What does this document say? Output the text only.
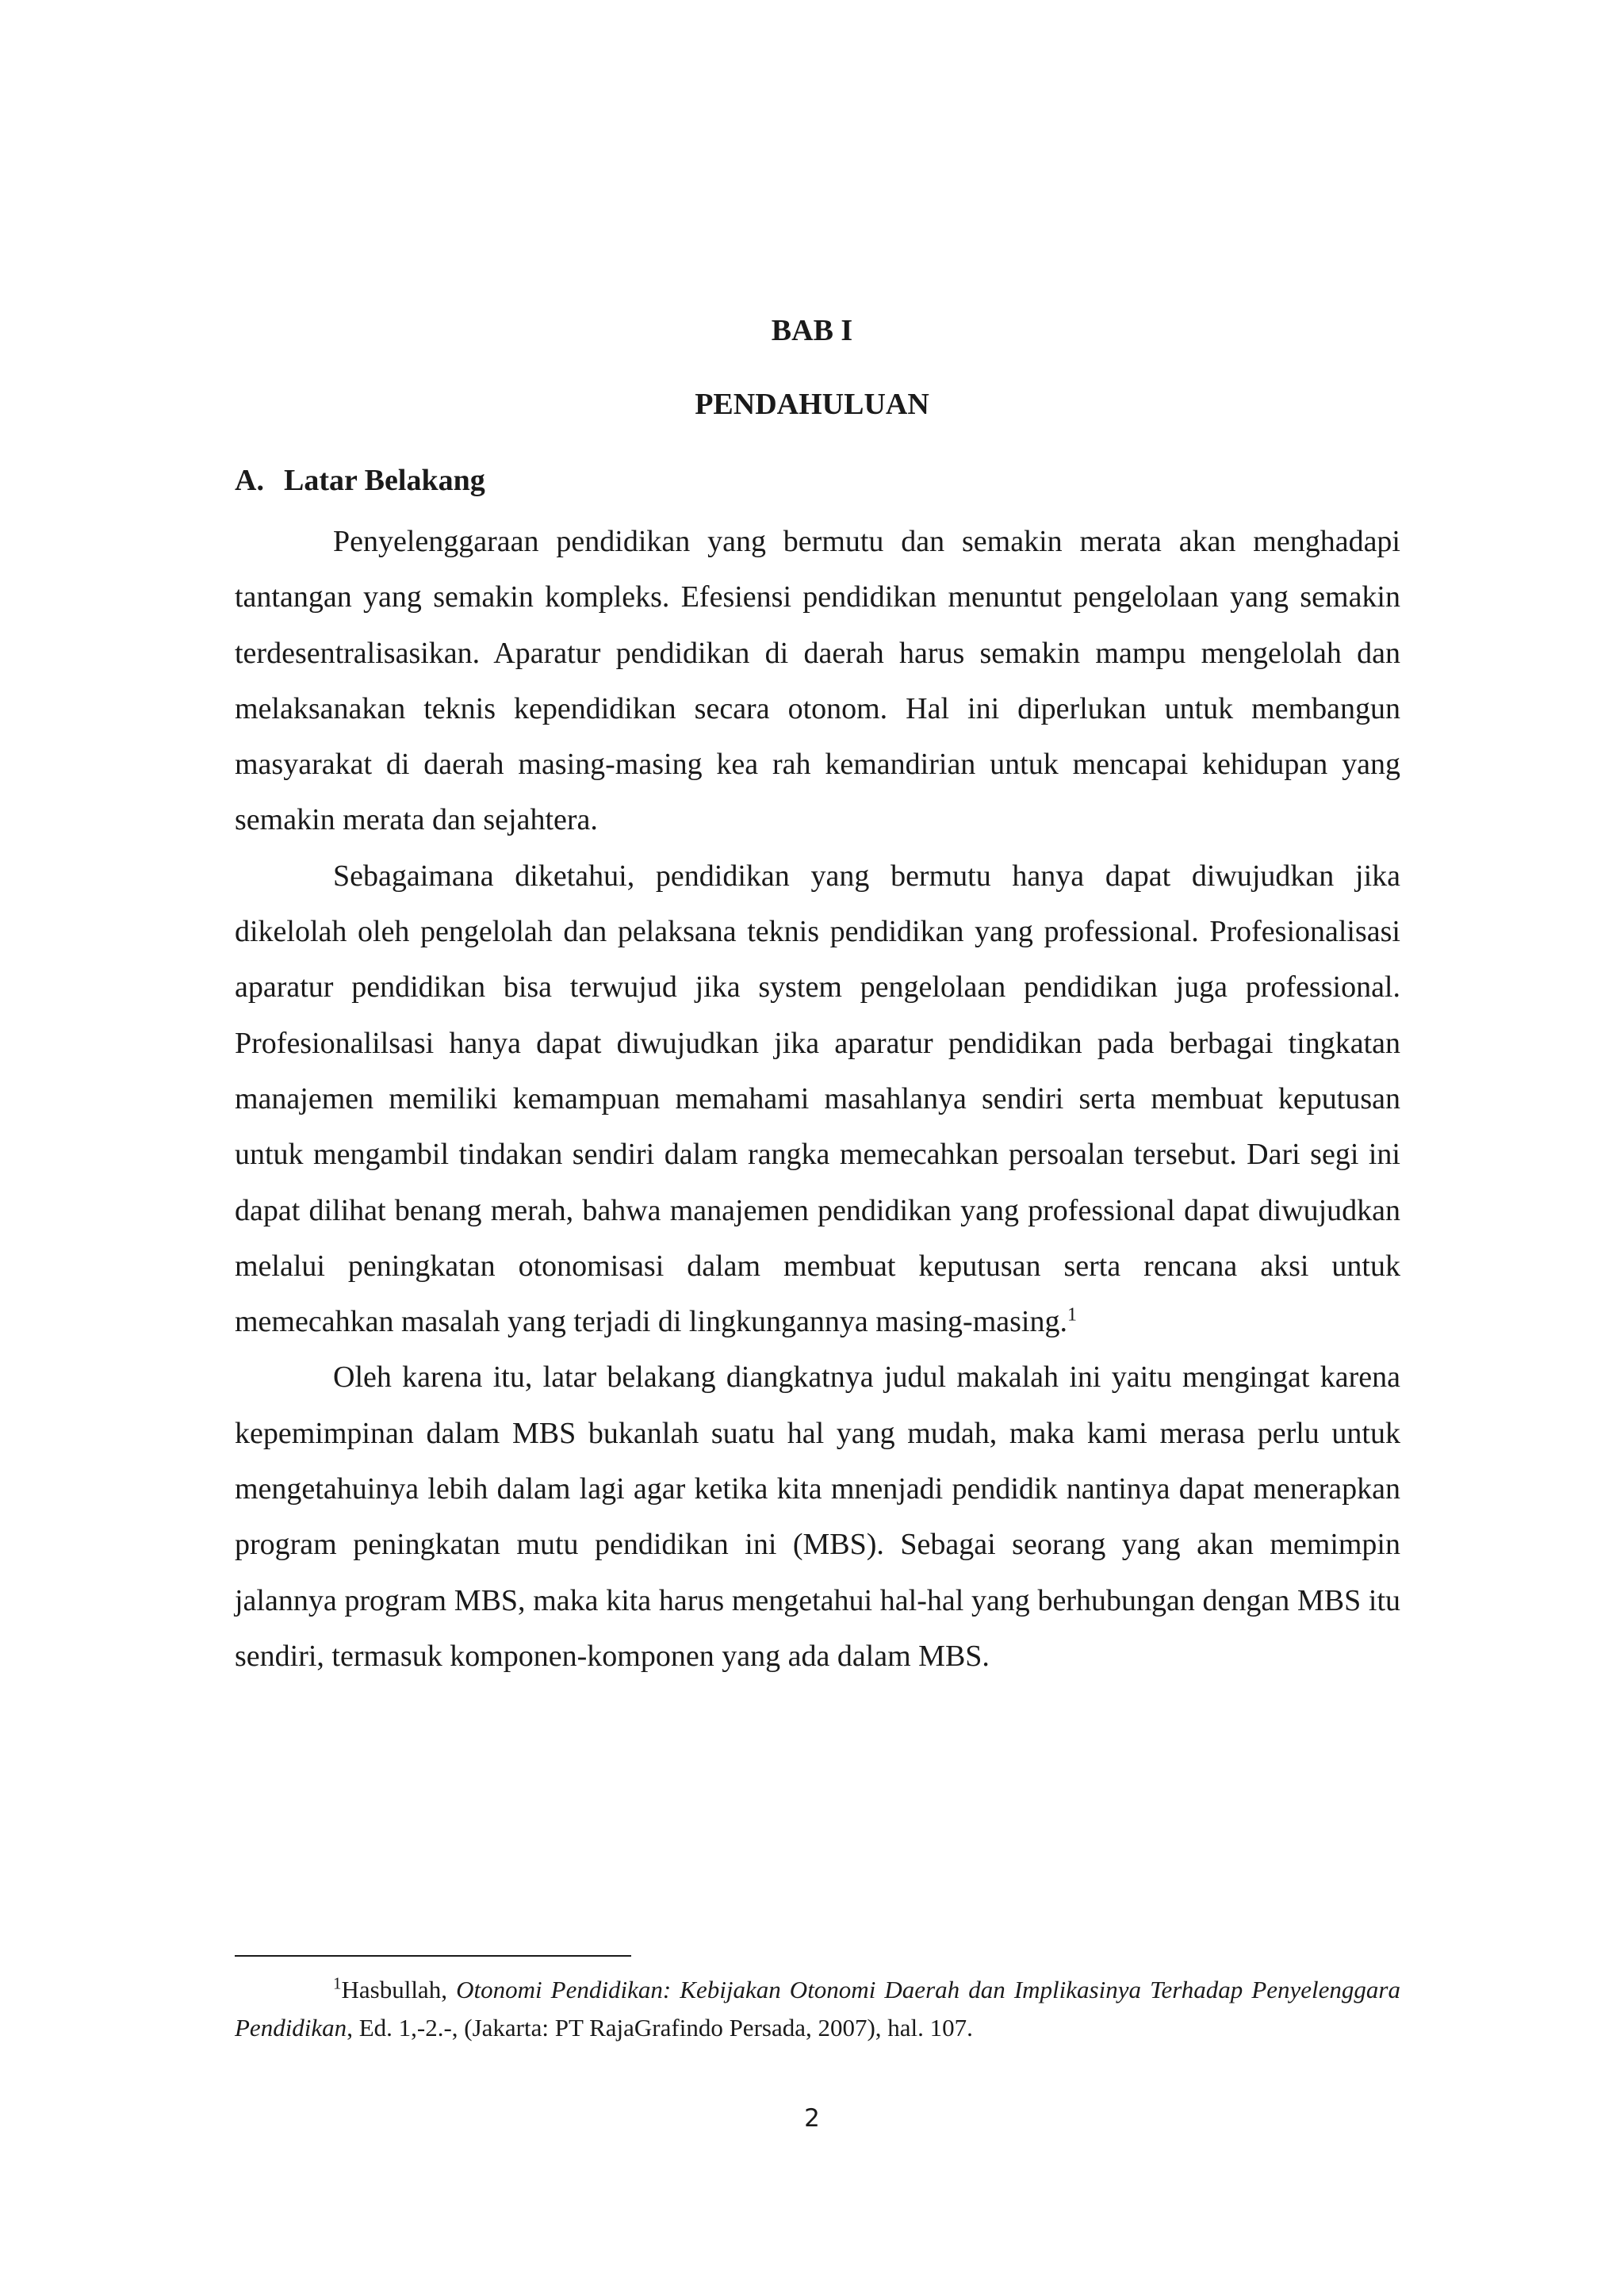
BAB I
PENDAHULUAN
A. Latar Belakang

Penyelenggaraan pendidikan yang bermutu dan semakin merata akan menghadapi tantangan yang semakin kompleks. Efesiensi pendidikan menuntut pengelolaan yang semakin terdesentralisasikan. Aparatur pendidikan di daerah harus semakin mampu mengelolah dan melaksanakan teknis kependidikan secara otonom. Hal ini diperlukan untuk membangun masyarakat di daerah masing-masing kea rah kemandirian untuk mencapai kehidupan yang semakin merata dan sejahtera.

Sebagaimana diketahui, pendidikan yang bermutu hanya dapat diwujudkan jika dikelolah oleh pengelolah dan pelaksana teknis pendidikan yang professional. Profesionalisasi aparatur pendidikan bisa terwujud jika system pengelolaan pendidikan juga professional. Profesionalilsasi hanya dapat diwujudkan jika aparatur pendidikan pada berbagai tingkatan manajemen memiliki kemampuan memahami masahlanya sendiri serta membuat keputusan untuk mengambil tindakan sendiri dalam rangka memecahkan persoalan tersebut. Dari segi ini dapat dilihat benang merah, bahwa manajemen pendidikan yang professional dapat diwujudkan melalui peningkatan otonomisasi dalam membuat keputusan serta rencana aksi untuk memecahkan masalah yang terjadi di lingkungannya masing-masing.$^1$

Oleh karena itu, latar belakang diangkatnya judul makalah ini yaitu mengingat karena kepemimpinan dalam MBS bukanlah suatu hal yang mudah, maka kami merasa perlu untuk mengetahuinya lebih dalam lagi agar ketika kita mnenjadi pendidik nantinya dapat menerapkan program peningkatan mutu pendidikan ini (MBS). Sebagai seorang yang akan memimpin jalannya program MBS, maka kita harus mengetahui hal-hal yang berhubungan dengan MBS itu sendiri, termasuk komponen-komponen yang ada dalam MBS.

$^1$Hasbullah, Otonomi Pendidikan: Kebijakan Otonomi Daerah dan Implikasinya Terhadap Penyelenggara Pendidikan, Ed. 1,-2.-, (Jakarta: PT RajaGrafindo Persada, 2007), hal. 107.

2
